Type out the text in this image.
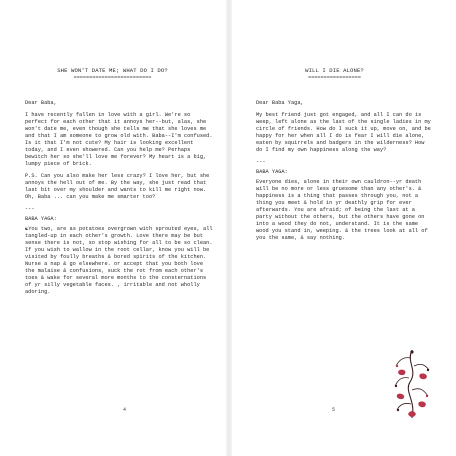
SHE WON'T DATE ME; WHAT DO I DO?
=========================

Dear Baba,

I have recently fallen in love with a girl. We're so perfect for each other that it annoys her--but, alas, she won't date me, even though she tells me that she loves me and that I am someone to grow old with. Baba--I'm confused. Is it that I'm not cute? My hair is looking excellent today, and I even showered. Can you help me? Perhaps bewitch her so she'll love me forever? My heart is a big, lumpy piece of brick.

P.S. Can you also make her less crazy? I love her, but she annoys the hell out of me. By the way, she just read that last bit over my shoulder and wants to kill me right now. Oh, Baba ... can you make me smarter too?

---

BABA YAGA:

☯You two, are as potatoes overgrown with sprouted eyes, all tangled-up in each other's growth. Love there may be but sense there is not, so stop wishing for all to be so clean. If you wish to wallow in the root cellar, know you will be visited by foully breaths & bored spirits of the kitchen. Nurse a nap & go elsewhere. or accept that you both love the malaise & confusions, suck the rot from each other's toes & wake for several more months to the consternations of yr silly vegetable faces. , irritable and not wholly adoring.

4
WILL I DIE ALONE?
=================

Dear Baba Yaga,

My best friend just got engaged, and all I can do is weep, left alone as the last of the single ladies in my circle of friends. How do I suck it up, move on, and be happy for her when all I do is fear I will die alone, eaten by squirrels and badgers in the wilderness? How do I find my own happiness along the way?

---

BABA YAGA:

Everyone dies, alone in their own cauldron--yr death will be no more or less gruesome than any other's. & happiness is a thing that passes through you, not a thing you meet & hold in yr deathly grip for ever afterwards. You are afraid; of being the last at a party without the others, but the others have gone on into a wood they do not, understand. It is the same wood you stand in, weeping. & the trees look at all of you the same, & say nothing.

5
